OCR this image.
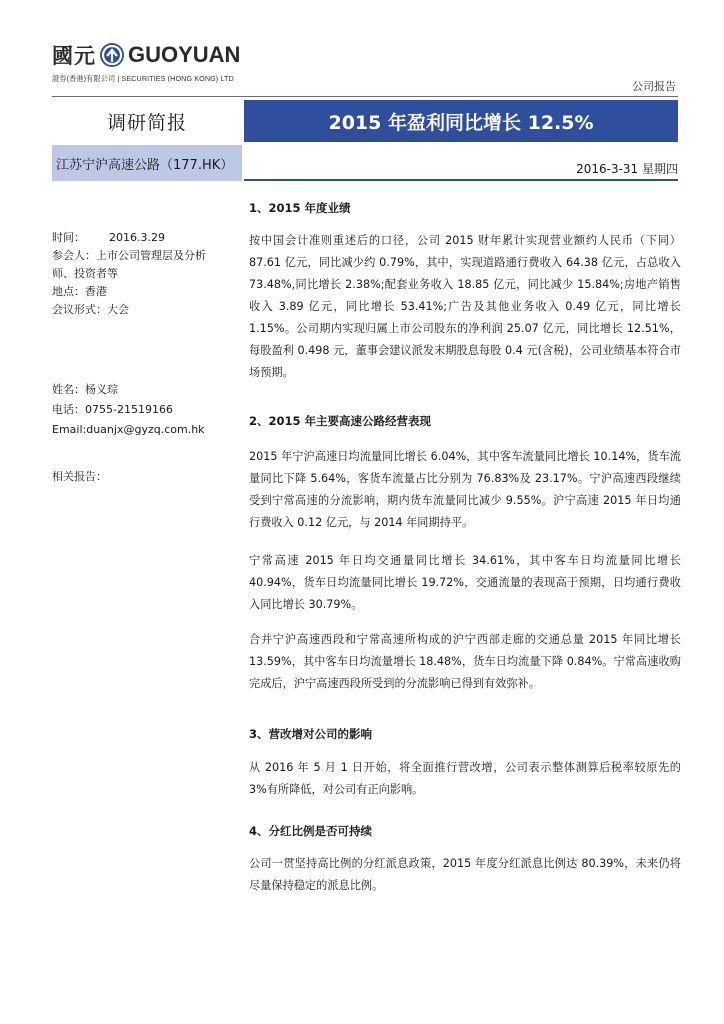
國元 GUOYUAN
證券(香港)有限公司 | SECURITIES (HONG KONG) LTD
公司报告
调研简报	2015 年盈利同比增长 12.5%
江苏宁沪高速公路（177.HK）	2016-3-31 星期四
时间： 2016.3.29
参会人：上市公司管理层及分析
师、投资者等
地点：香港
会议形式：大会
姓名：杨义琮
电话：0755-21519166
Email:duanjx@gyzq.com.hk
相关报告：
1、2015 年度业绩
按中国会计准则重述后的口径，公司 2015 财年累计实现营业额约人民币（下同）87.61 亿元，同比减少约 0.79%，其中，实现道路通行费收入 64.38 亿元，占总收入 73.48%,同比增长 2.38%;配套业务收入 18.85 亿元，同比减少 15.84%;房地产销售收入 3.89 亿元，同比增长 53.41%;广告及其他业务收入 0.49 亿元，同比增长 1.15%。公司期内实现归属上市公司股东的净利润 25.07 亿元，同比增长 12.51%，每股盈利 0.498 元，董事会建议派发末期股息每股 0.4 元(含税)，公司业绩基本符合市场预期。
2、2015 年主要高速公路经营表现
2015 年宁沪高速日均流量同比增长 6.04%，其中客车流量同比增长 10.14%，货车流量同比下降 5.64%，客货车流量占比分别为 76.83%及 23.17%。宁沪高速西段继续受到宁常高速的分流影响，期内货车流量同比减少 9.55%。沪宁高速 2015 年日均通行费收入 0.12 亿元，与 2014 年同期持平。
宁常高速 2015 年日均交通量同比增长 34.61%，其中客车日均流量同比增长 40.94%，货车日均流量同比增长 19.72%，交通流量的表现高于预期，日均通行费收入同比增长 30.79%。
合并宁沪高速西段和宁常高速所构成的沪宁西部走廊的交通总量 2015 年同比增长 13.59%，其中客车日均流量增长 18.48%，货车日均流量下降 0.84%。宁常高速收购完成后，沪宁高速西段所受到的分流影响已得到有效弥补。
3、营改增对公司的影响
从 2016 年 5 月 1 日开始，将全面推行营改增，公司表示整体测算后税率较原先的 3%有所降低，对公司有正向影响。
4、分红比例是否可持续
公司一贯坚持高比例的分红派息政策，2015 年度分红派息比例达 80.39%，未来仍将尽量保持稳定的派息比例。
